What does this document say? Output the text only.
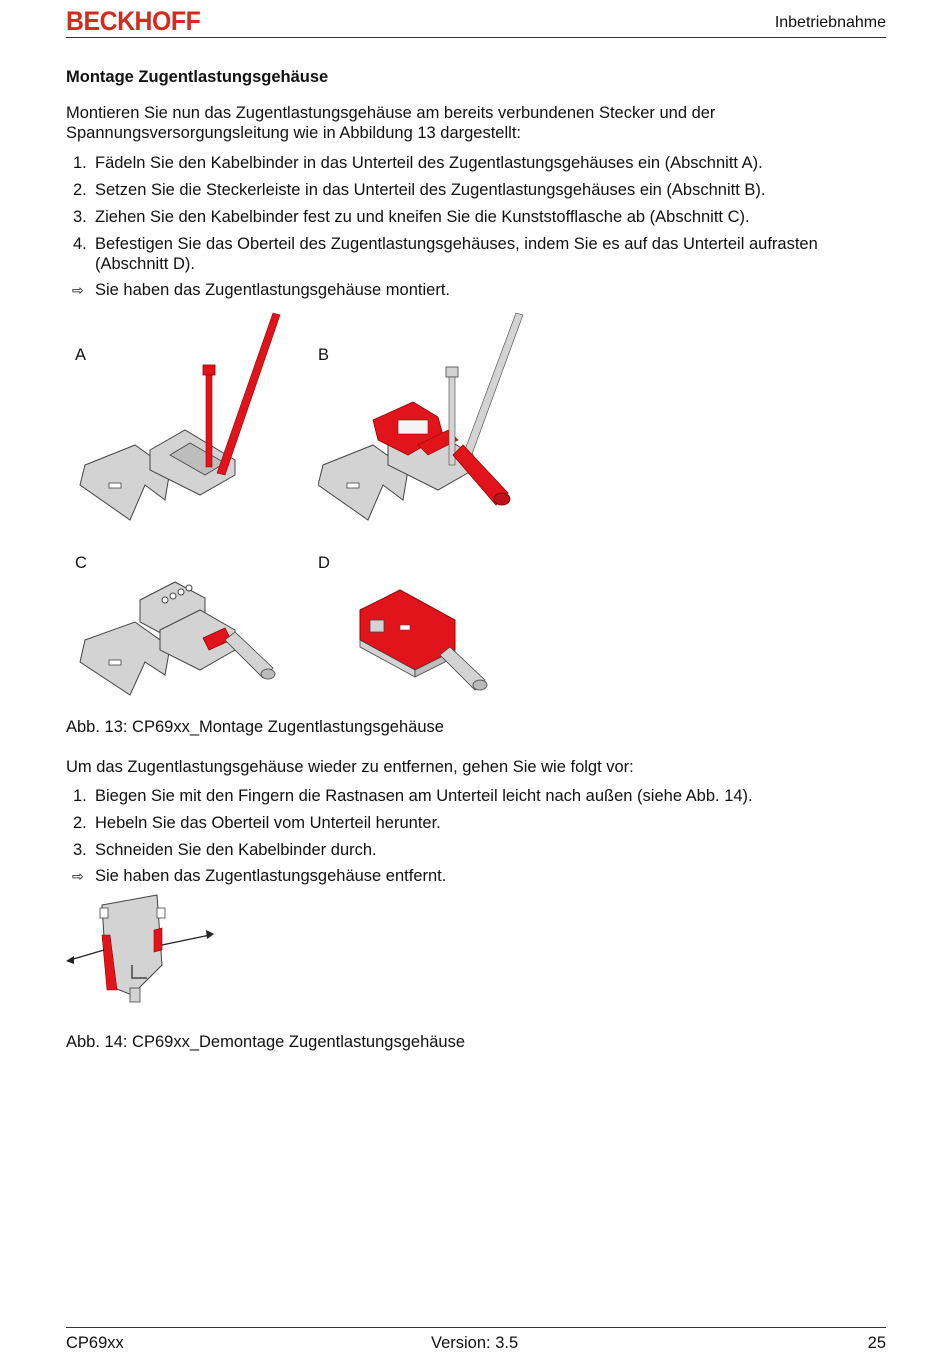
BECKHOFF	Inbetriebnahme
Montage Zugentlastungsgehäuse
Montieren Sie nun das Zugentlastungsgehäuse am bereits verbundenen Stecker und der Spannungsversorgungsleitung wie in Abbildung 13 dargestellt:
1. Fädeln Sie den Kabelbinder in das Unterteil des Zugentlastungsgehäuses ein (Abschnitt A).
2. Setzen Sie die Steckerleiste in das Unterteil des Zugentlastungsgehäuses ein (Abschnitt B).
3. Ziehen Sie den Kabelbinder fest zu und kneifen Sie die Kunststofflasche ab (Abschnitt C).
4. Befestigen Sie das Oberteil des Zugentlastungsgehäuses, indem Sie es auf das Unterteil aufrasten (Abschnitt D).
⇨ Sie haben das Zugentlastungsgehäuse montiert.
A	B
C	D
Abb. 13: CP69xx_Montage Zugentlastungsgehäuse
Um das Zugentlastungsgehäuse wieder zu entfernen, gehen Sie wie folgt vor:
1. Biegen Sie mit den Fingern die Rastnasen am Unterteil leicht nach außen (siehe Abb. 14).
2. Hebeln Sie das Oberteil vom Unterteil herunter.
3. Schneiden Sie den Kabelbinder durch.
⇨ Sie haben das Zugentlastungsgehäuse entfernt.
Abb. 14: CP69xx_Demontage Zugentlastungsgehäuse
CP69xx	Version: 3.5	25
